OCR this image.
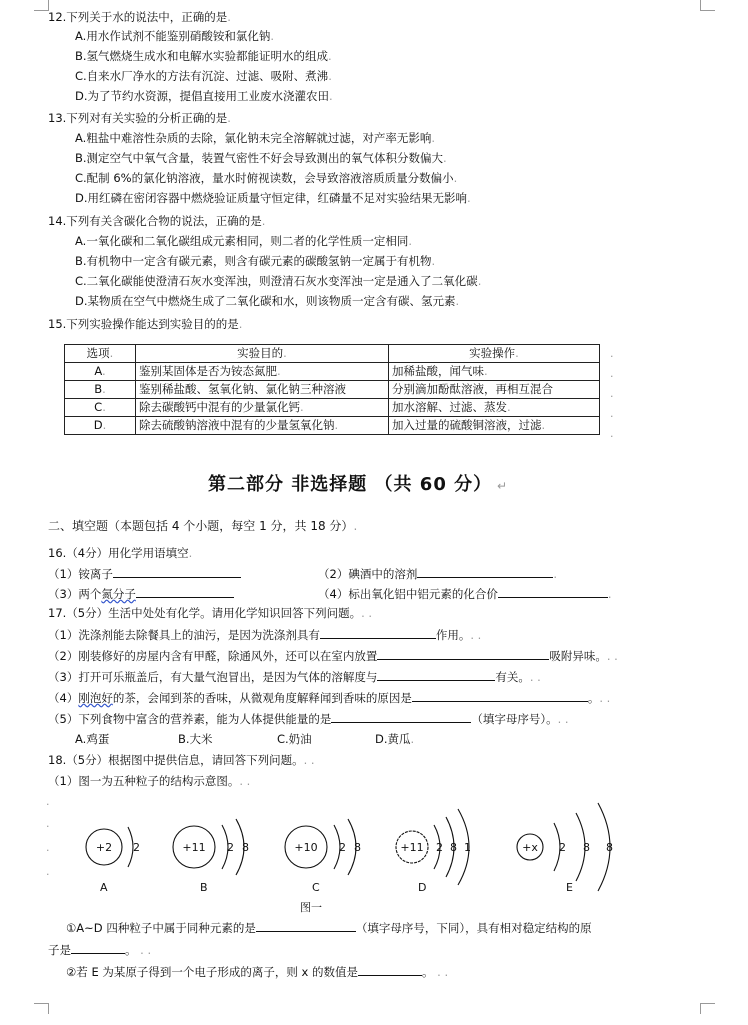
12.下列关于水的说法中，正确的是.
A.用水作试剂不能鉴别硝酸铵和氯化钠.
B.氢气燃烧生成水和电解水实验都能证明水的组成.
C.自来水厂净水的方法有沉淀、过滤、吸附、煮沸.
D.为了节约水资源，提倡直接用工业废水浇灌农田.
13.下列对有关实验的分析正确的是.
A.粗盐中难溶性杂质的去除，氯化钠未完全溶解就过滤，对产率无影响.
B.测定空气中氧气含量，装置气密性不好会导致测出的氧气体积分数偏大.
C.配制 6%的氯化钠溶液，量水时俯视读数，会导致溶液溶质质量分数偏小.
D.用红磷在密闭容器中燃烧验证质量守恒定律，红磷量不足对实验结果无影响.
14.下列有关含碳化合物的说法，正确的是.
A.一氧化碳和二氧化碳组成元素相同，则二者的化学性质一定相同.
B.有机物中一定含有碳元素，则含有碳元素的碳酸氢钠一定属于有机物.
C.二氧化碳能使澄清石灰水变浑浊，则澄清石灰水变浑浊一定是通入了二氧化碳.
D.某物质在空气中燃烧生成了二氧化碳和水，则该物质一定含有碳、氢元素.
15.下列实验操作能达到实验目的的是.
选项.	实验目的.	实验操作.
A.	鉴别某固体是否为铵态氮肥.	加稀盐酸，闻气味.
B.	鉴别稀盐酸、氢氧化钠、氯化钠三种溶液	分别滴加酚酞溶液，再相互混合
C.	除去碳酸钙中混有的少量氯化钙.	加水溶解、过滤、蒸发.
D.	除去硫酸钠溶液中混有的少量氢氧化钠.	加入过量的硫酸铜溶液，过滤.
.
.
.
.
.
第二部分 非选择题 （共 60 分） ↵
二、填空题（本题包括 4 个小题，每空 1 分，共 18 分）.
16.（4分）用化学用语填空.
（1）铵离子	（2）碘酒中的溶剂	.
（3）两个氮分子	（4）标出氧化铝中铝元素的化合价	.
17.（5分）生活中处处有化学。请用化学知识回答下列问题。. .
（1）洗涤剂能去除餐具上的油污，是因为洗涤剂具有	作用。. .
（2）刚装修好的房屋内含有甲醛，除通风外，还可以在室内放置	吸附异味。. .
（3）打开可乐瓶盖后，有大量气泡冒出，是因为气体的溶解度与	有关。. .
（4）刚泡好的茶，会闻到茶的香味，从微观角度解释闻到香味的原因是	。. .
（5）下列食物中富含的营养素，能为人体提供能量的是	（填字母序号）。. .
A.鸡蛋	B.大米	C.奶油	D.黄瓜.
18.（5分）根据图中提供信息，请回答下列问题。. .
（1）图一为五种粒子的结构示意图。. .
.
.
.
.
+2 2
A
+11 2 8
B
+10 2 8
C
+11 2 8 1
D
+x 2 8 8
E
图一
①A~D 四种粒子中属于同种元素的是	（填字母序号，下同），具有相对稳定结构的原
子是	。 . .
②若 E 为某原子得到一个电子形成的离子，则 x 的数值是	。 . .
